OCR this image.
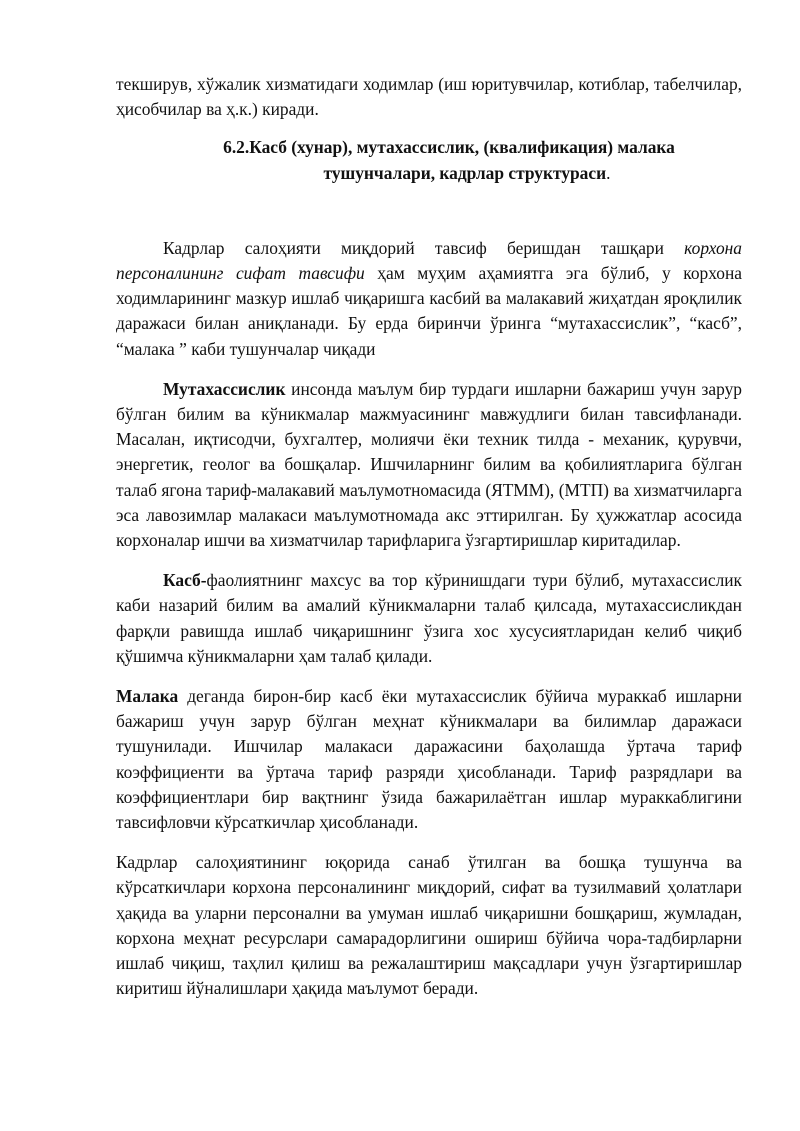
текширув, хўжалик хизматидаги ходимлар (иш юритувчилар, котиблар, табелчилар, ҳисобчилар ва ҳ.к.) киради.

6.2.Касб (хунар), мутахассислик, (квалификация) малака
тушунчалари, кадрлар структураси.

Кадрлар салоҳияти миқдорий тавсиф беришдан ташқари корхона персоналининг сифат тавсифи ҳам муҳим аҳамиятга эга бўлиб, у корхона ходимларининг мазкур ишлаб чиқаришга касбий ва малакавий жиҳатдан яроқлилик даражаси билан аниқланади. Бу ерда биринчи ўринга “мутахассислик”, “касб”, “малака ” каби тушунчалар чиқади

Мутахассислик инсонда маълум бир турдаги ишларни бажариш учун зарур бўлган билим ва кўникмалар мажмуасининг мавжудлиги билан тавсифланади. Масалан, иқтисодчи, бухгалтер, молиячи ёки техник тилда - механик, қурувчи, энергетик, геолог ва бошқалар. Ишчиларнинг билим ва қобилиятларига бўлган талаб ягона тариф-малакавий маълумотномасида (ЯТММ), (МТП) ва хизматчиларга эса лавозимлар малакаси маълумотномада акс эттирилган. Бу ҳужжатлар асосида корхоналар ишчи ва хизматчилар тарифларига ўзгартиришлар киритадилар.

Касб-фаолиятнинг махсус ва тор кўринишдаги тури бўлиб, мутахассислик каби назарий билим ва амалий кўникмаларни талаб қилсада, мутахассисликдан фарқли равишда ишлаб чиқаришнинг ўзига хос хусусиятларидан келиб чиқиб қўшимча кўникмаларни ҳам талаб қилади.

Малака деганда бирон-бир касб ёки мутахассислик бўйича мураккаб ишларни бажариш учун зарур бўлган меҳнат кўникмалари ва билимлар даражаси тушунилади. Ишчилар малакаси даражасини баҳолашда ўртача тариф коэффициенти ва ўртача тариф разряди ҳисобланади. Тариф разрядлари ва коэффициентлари бир вақтнинг ўзида бажарилаётган ишлар мураккаблигини тавсифловчи кўрсаткичлар ҳисобланади.

Кадрлар салоҳиятининг юқорида санаб ўтилган ва бошқа тушунча ва кўрсаткичлари корхона персоналининг миқдорий, сифат ва тузилмавий ҳолатлари ҳақида ва уларни персонални ва умуман ишлаб чиқаришни бошқариш, жумладан, корхона меҳнат ресурслари самарадорлигини ошириш бўйича чора-тадбирларни ишлаб чиқиш, таҳлил қилиш ва режалаштириш мақсадлари учун ўзгартиришлар киритиш йўналишлари ҳақида маълумот беради.
